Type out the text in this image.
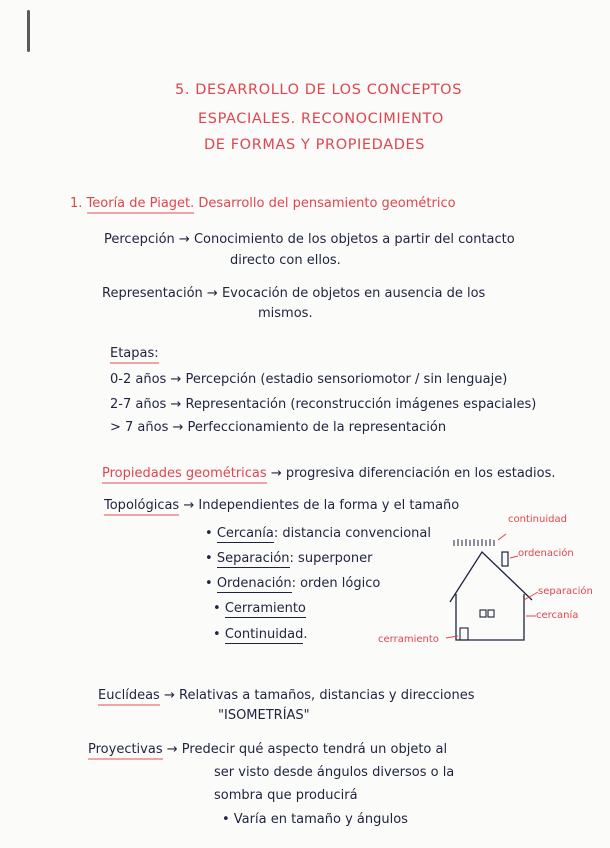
5. DESARROLLO DE LOS CONCEPTOS
ESPACIALES. RECONOCIMIENTO
DE FORMAS Y PROPIEDADES
1. Teoría de Piaget. Desarrollo del pensamiento geométrico
Percepción → Conocimiento de los objetos a partir del contacto
directo con ellos.
Representación → Evocación de objetos en ausencia de los
mismos.
Etapas:
0-2 años → Percepción (estadio sensoriomotor / sin lenguaje)
2-7 años → Representación (reconstrucción imágenes espaciales)
> 7 años → Perfeccionamiento de la representación
Propiedades geométricas → progresiva diferenciación en los estadios.
Topológicas → Independientes de la forma y el tamaño
• Cercanía: distancia convencional
• Separación: superponer
• Ordenación: orden lógico
• Cerramiento
• Continuidad.
continuidad
ordenación
separación
cercanía
cerramiento
Euclídeas → Relativas a tamaños, distancias y direcciones
"ISOMETRÍAS"
Proyectivas → Predecir qué aspecto tendrá un objeto al
ser visto desde ángulos diversos o la
sombra que producirá
• Varía en tamaño y ángulos
